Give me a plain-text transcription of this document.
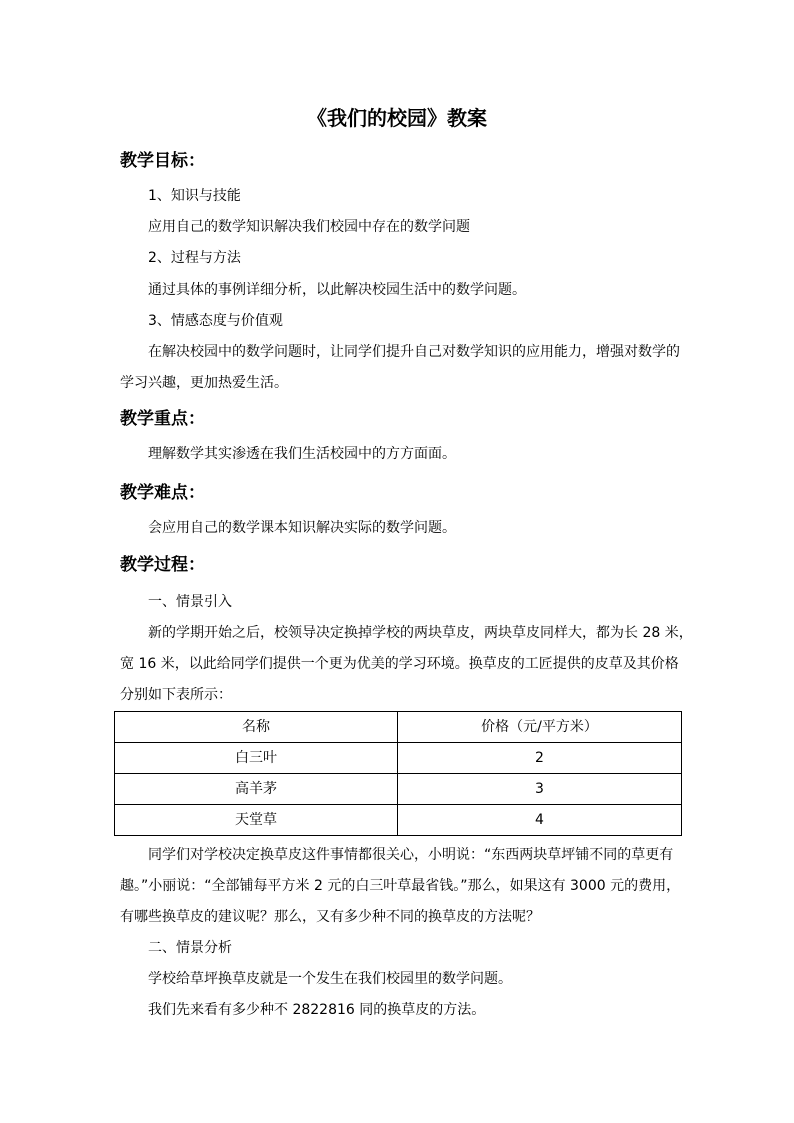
《我们的校园》教案
教学目标：
1、知识与技能
应用自己的数学知识解决我们校园中存在的数学问题
2、过程与方法
通过具体的事例详细分析，以此解决校园生活中的数学问题。
3、情感态度与价值观
在解决校园中的数学问题时，让同学们提升自己对数学知识的应用能力，增强对数学的
学习兴趣，更加热爱生活。
教学重点：
理解数学其实渗透在我们生活校园中的方方面面。
教学难点：
会应用自己的数学课本知识解决实际的数学问题。
教学过程：
一、情景引入
新的学期开始之后，校领导决定换掉学校的两块草皮，两块草皮同样大，都为长 28 米，
宽 16 米，以此给同学们提供一个更为优美的学习环境。换草皮的工匠提供的皮草及其价格
分别如下表所示：
名称	价格（元/平方米）
白三叶	2
高羊茅	3
天堂草	4
同学们对学校决定换草皮这件事情都很关心，小明说：“东西两块草坪铺不同的草更有
趣。”小丽说：“全部铺每平方米 2 元的白三叶草最省钱。”那么，如果这有 3000 元的费用，
有哪些换草皮的建议呢？那么，又有多少种不同的换草皮的方法呢？
二、情景分析
学校给草坪换草皮就是一个发生在我们校园里的数学问题。
我们先来看有多少种不 2822816 同的换草皮的方法。
